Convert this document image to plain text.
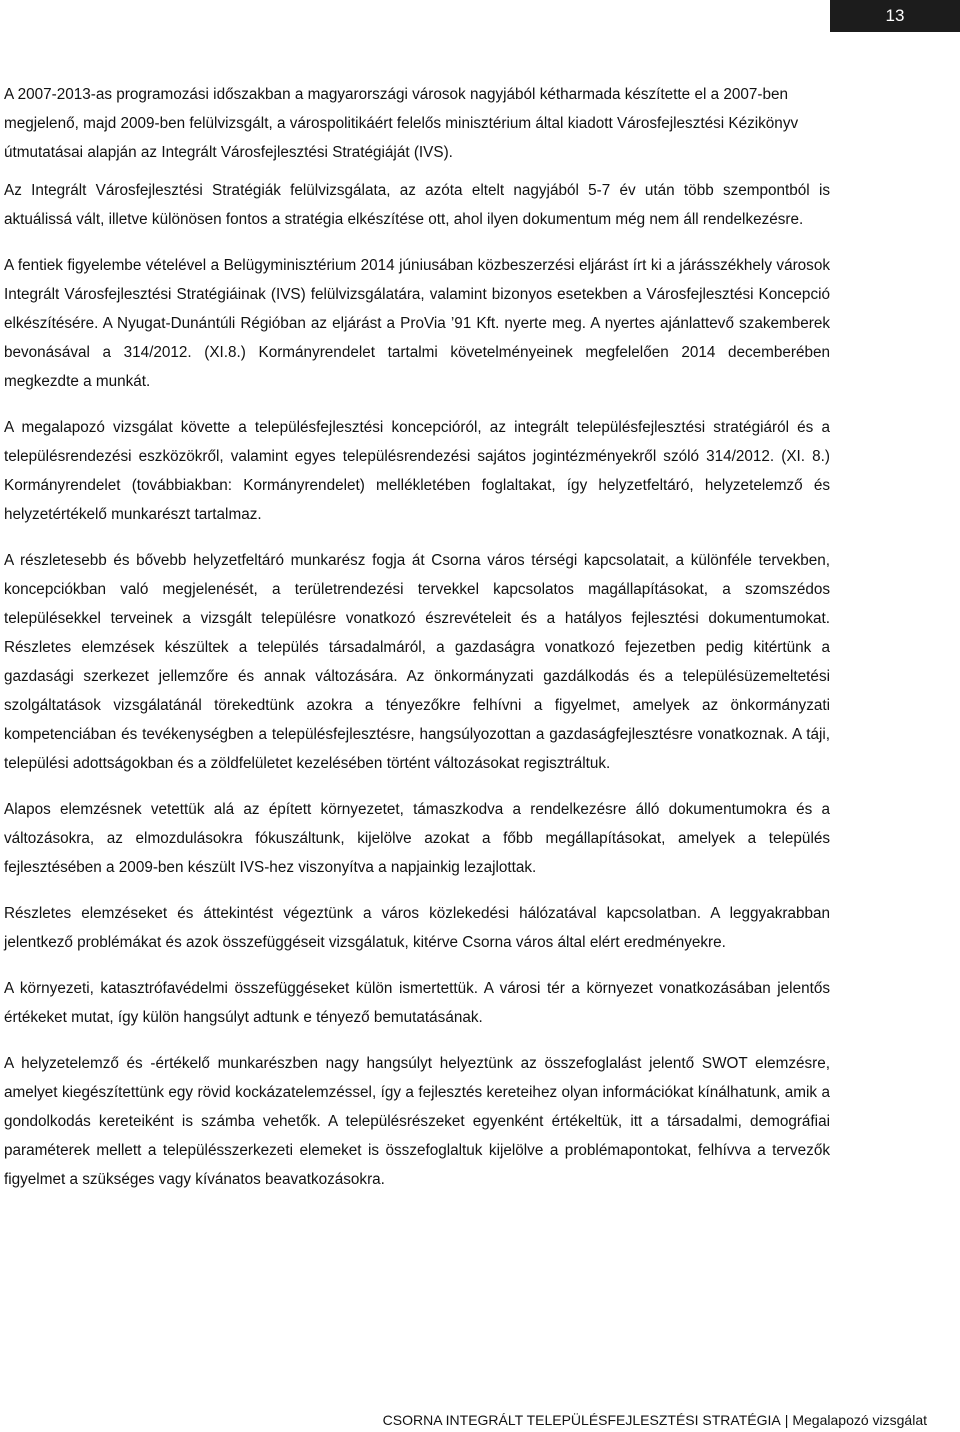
13

A 2007-2013-as programozási időszakban a magyarországi városok nagyjából kétharmada készítette el a 2007-ben megjelenő, majd 2009-ben felülvizsgált, a várospolitikáért felelős minisztérium által kiadott Városfejlesztési Kézikönyv útmutatásai alapján az Integrált Városfejlesztési Stratégiáját (IVS).

Az Integrált Városfejlesztési Stratégiák felülvizsgálata, az azóta eltelt nagyjából 5-7 év után több szempontból is aktuálissá vált, illetve különösen fontos a stratégia elkészítése ott, ahol ilyen dokumentum még nem áll rendelkezésre.

A fentiek figyelembe vételével a Belügyminisztérium 2014 júniusában közbeszerzési eljárást írt ki a járásszékhely városok Integrált Városfejlesztési Stratégiáinak (IVS) felülvizsgálatára, valamint bizonyos esetekben a Városfejlesztési Koncepció elkészítésére. A Nyugat-Dunántúli Régióban az eljárást a ProVia ’91 Kft. nyerte meg. A nyertes ajánlattevő szakemberek bevonásával a 314/2012. (XI.8.) Kormányrendelet tartalmi követelményeinek megfelelően 2014 decemberében megkezdte a munkát.

A megalapozó vizsgálat követte a településfejlesztési koncepcióról, az integrált településfejlesztési stratégiáról és a településrendezési eszközökről, valamint egyes településrendezési sajátos jogintézményekről szóló 314/2012. (XI. 8.) Kormányrendelet (továbbiakban: Kormányrendelet) mellékletében foglaltakat, így helyzetfeltáró, helyzetelemző és helyzetértékelő munkarészt tartalmaz.

A részletesebb és bővebb helyzetfeltáró munkarész fogja át Csorna város térségi kapcsolatait, a különféle tervekben, koncepciókban való megjelenését, a területrendezési tervekkel kapcsolatos magállapításokat, a szomszédos településekkel terveinek a vizsgált településre vonatkozó észrevételeit és a hatályos fejlesztési dokumentumokat. Részletes elemzések készültek a település társadalmáról, a gazdaságra vonatkozó fejezetben pedig kitértünk a gazdasági szerkezet jellemzőre és annak változására. Az önkormányzati gazdálkodás és a településüzemeltetési szolgáltatások vizsgálatánál törekedtünk azokra a tényezőkre felhívni a figyelmet, amelyek az önkormányzati kompetenciában és tevékenységben a településfejlesztésre, hangsúlyozottan a gazdaságfejlesztésre vonatkoznak. A táji, települési adottságokban és a zöldfelületet kezelésében történt változásokat regisztráltuk.

Alapos elemzésnek vetettük alá az épített környezetet, támaszkodva a rendelkezésre álló dokumentumokra és a változásokra, az elmozdulásokra fókuszáltunk, kijelölve azokat a főbb megállapításokat, amelyek a település fejlesztésében a 2009-ben készült IVS-hez viszonyítva a napjainkig lezajlottak.

Részletes elemzéseket és áttekintést végeztünk a város közlekedési hálózatával kapcsolatban. A leggyakrabban jelentkező problémákat és azok összefüggéseit vizsgálatuk, kitérve Csorna város által elért eredményekre.

A környezeti, katasztrófavédelmi összefüggéseket külön ismertettük. A városi tér a környezet vonatkozásában jelentős értékeket mutat, így külön hangsúlyt adtunk e tényező bemutatásának.

A helyzetelemző és -értékelő munkarészben nagy hangsúlyt helyeztünk az összefoglalást jelentő SWOT elemzésre, amelyet kiegészítettünk egy rövid kockázatelemzéssel, így a fejlesztés kereteihez olyan információkat kínálhatunk, amik a gondolkodás kereteiként is számba vehetők. A településrészeket egyenként értékeltük, itt a társadalmi, demográfiai paraméterek mellett a településszerkezeti elemeket is összefoglaltuk kijelölve a problémapontokat, felhívva a tervezők figyelmet a szükséges vagy kívánatos beavatkozásokra.

CSORNA INTEGRÁLT TELEPÜLÉSFEJLESZTÉSI STRATÉGIA | Megalapozó vizsgálat
